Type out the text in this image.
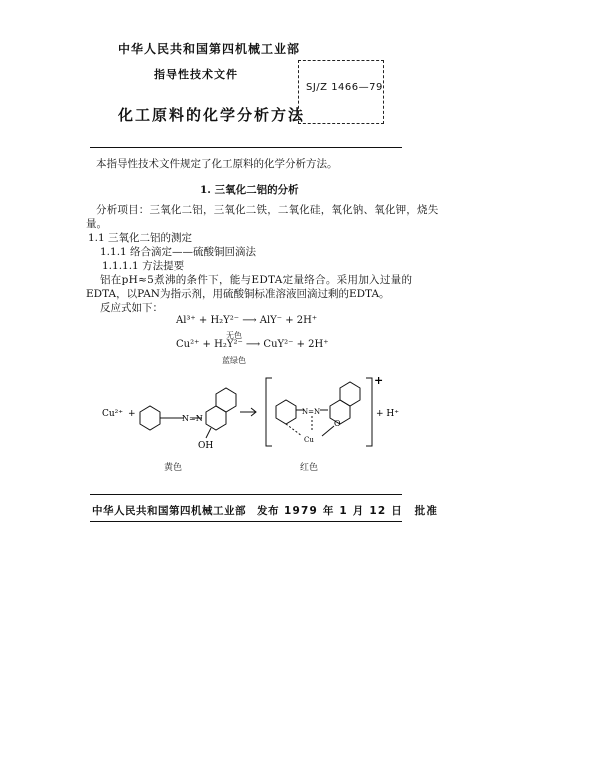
中华人民共和国第四机械工业部
指导性技术文件
化工原料的化学分析方法
SJ/Z 1466—79
本指导性技术文件规定了化工原料的化学分析方法。
1. 三氧化二铝的分析
分析项目：三氧化二铝，三氧化二铁，二氧化硅，氧化钠、氧化钾，烧失
量。
1.1 三氧化二铝的测定
1.1.1 络合滴定——硫酸铜回滴法
1.1.1.1 方法提要
铝在pH≈5煮沸的条件下，能与EDTA定量络合。采用加入过量的
EDTA，以PAN为指示剂，用硫酸铜标准溶液回滴过剩的EDTA。
反应式如下：
Al³⁺ + H₂Y²⁻ ⟶ AlY⁻ + 2H⁺
无色
Cu²⁺ + H₂Y²⁻ ⟶ CuY²⁻ + 2H⁺
蓝绿色
Cu²⁺ +	N=N
OH
N=N
Cu
O
+
+ H⁺
黄色	红色
中华人民共和国第四机械工业部　发布 1979 年 1 月 12 日　批准
